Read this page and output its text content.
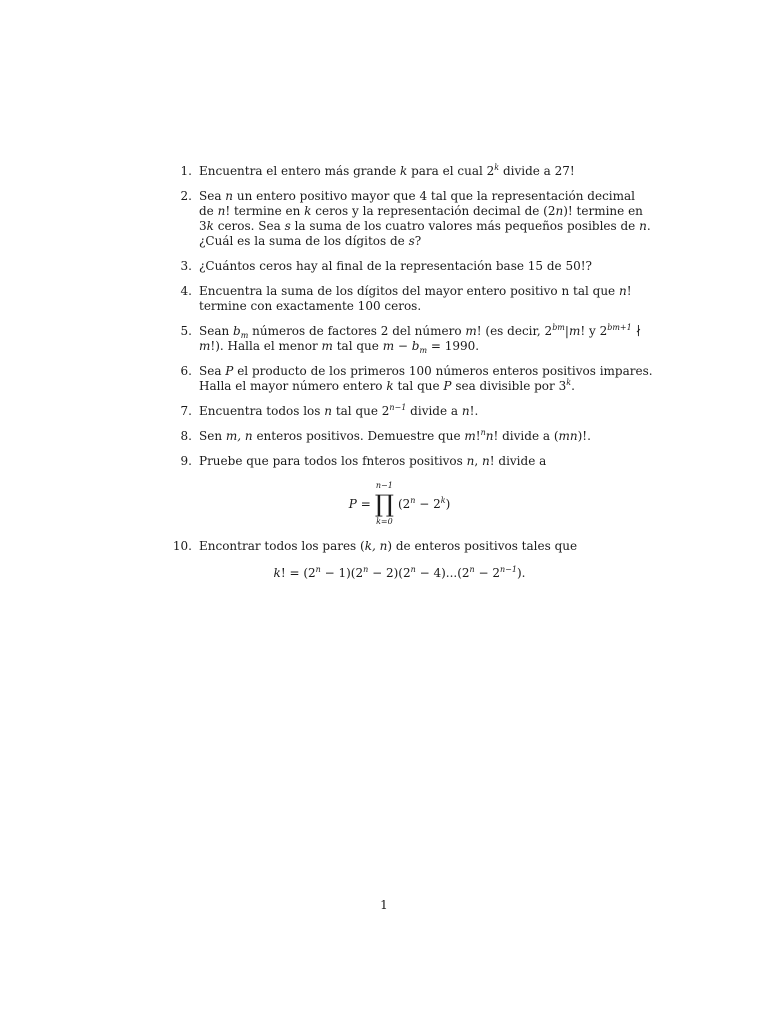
1. Encuentra el entero más grande k para el cual 2$^k$ divide a 27!
2. Sea n un entero positivo mayor que 4 tal que la representación decimal
de n! termine en k ceros y la representación decimal de (2n)! termine en
3k ceros. Sea s la suma de los cuatro valores más pequeños posibles de n.
¿Cuál es la suma de los dígitos de s?
3. ¿Cuántos ceros hay al final de la representación base 15 de 50!?
4. Encuentra la suma de los dígitos del mayor entero positivo n tal que n!
termine con exactamente 100 ceros.
5. Sean $b_m$ números de factores 2 del número m! (es decir, $2^{bm}|m$! y $2^{bm+1}$ ∤
m!). Halla el menor m tal que $m - b_m = 1990$.
6. Sea P el producto de los primeros 100 números enteros positivos impares.
Halla el mayor número entero k tal que P sea divisible por 3$^k$.
7. Encuentra todos los n tal que $2^{n-1}$ divide a n!.
8. Sen m, n enteros positivos. Demuestre que m!$^n$n! divide a (mn)!.
9. Pruebe que para todos los fnteros positivos n, n! divide a
P =
n−1
∏
k=0
$(2^n - 2^k)$
10. Encontrar todos los pares (k, n) de enteros positivos tales que
k! = $(2^n - 1)(2^n - 2)(2^n - 4)...(2^n - 2^{n-1})$.
1
